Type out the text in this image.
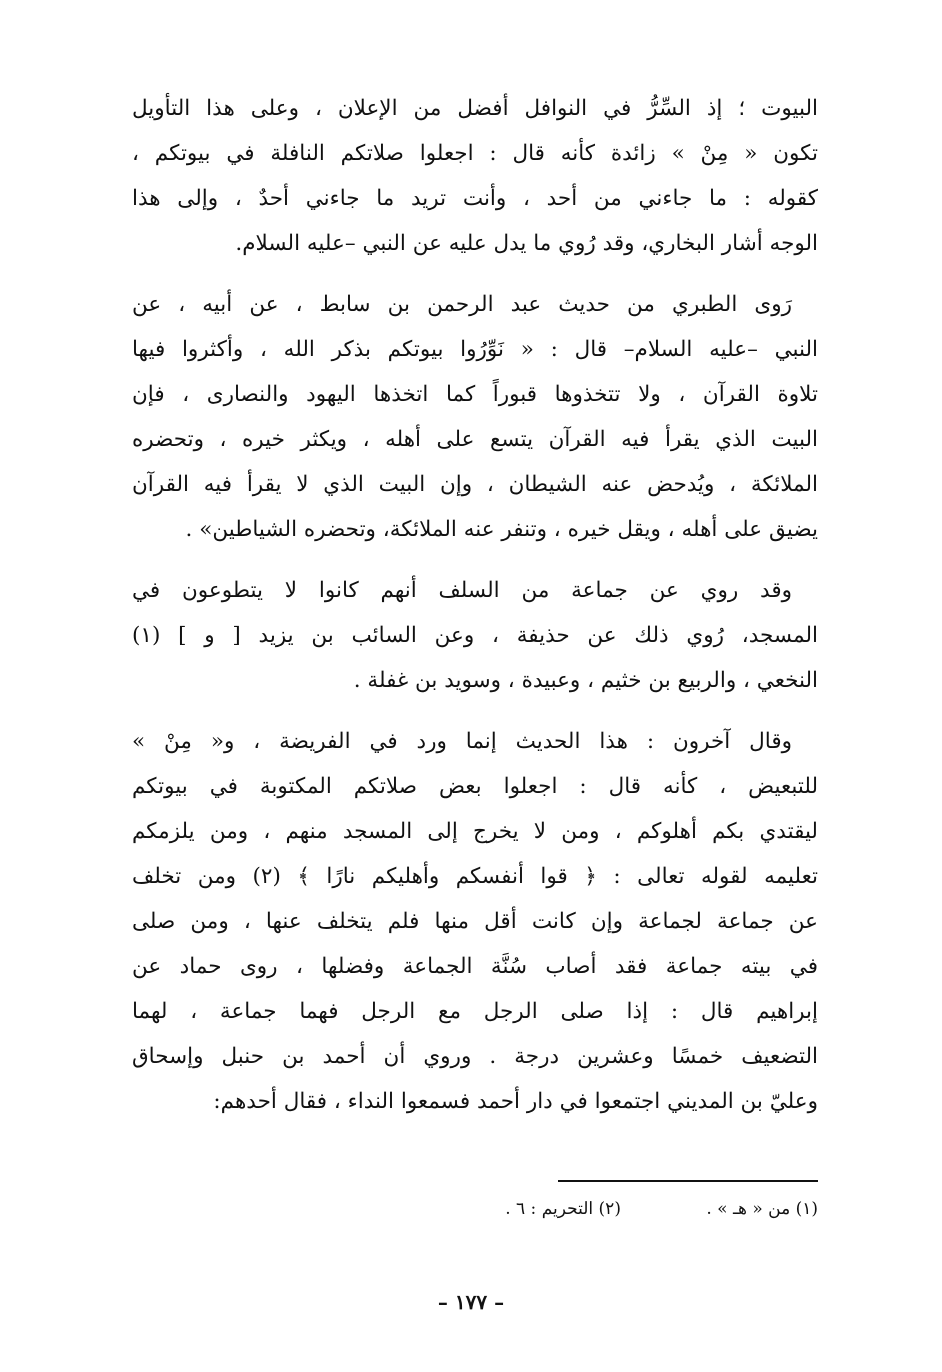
البيوت ؛ إذ السِّرُّ في النوافل أفضل من الإعلان ، وعلى هذا التأويل
تكون « مِنْ » زائدة كأنه قال : اجعلوا صلاتكم النافلة في بيوتكم ،
كقوله : ما جاءني من أحد ، وأنت تريد ما جاءني أحدٌ ، وإلى هذا
الوجه أشار البخاري، وقد رُوي ما يدل عليه عن النبي –عليه السلام.
رَوى الطبري من حديث عبد الرحمن بن سابط ، عن أبيه ، عن
النبي –عليه السلام– قال : « نَوِّرُوا بيوتكم بذكر الله ، وأكثروا فيها
تلاوة القرآن ، ولا تتخذوها قبوراً كما اتخذها اليهود والنصارى ، فإن
البيت الذي يقرأ فيه القرآن يتسع على أهله ، ويكثر خيره ، وتحضره
الملائكة ، ويُدحض عنه الشيطان ، وإن البيت الذي لا يقرأ فيه القرآن
يضيق على أهله ، ويقل خيره ، وتنفر عنه الملائكة، وتحضره الشياطين» .
وقد روي عن جماعة من السلف أنهم كانوا لا يتطوعون في
المسجد، رُوي ذلك عن حذيفة ، وعن السائب بن يزيد [ و ] (١)
النخعي ، والربيع بن خثيم ، وعبيدة ، وسويد بن غفلة .
وقال آخرون : هذا الحديث إنما ورد في الفريضة ، و« مِنْ »
للتبعيض ، كأنه قال : اجعلوا بعض صلاتكم المكتوبة في بيوتكم
ليقتدي بكم أهلوكم ، ومن لا يخرج إلى المسجد منهم ، ومن يلزمكم
تعليمه لقوله تعالى : ﴿ قوا أنفسكم وأهليكم نارًا ﴾ (٢) ومن تخلف
عن جماعة لجماعة وإن كانت أقل منها فلم يتخلف عنها ، ومن صلى
في بيته جماعة فقد أصاب سُنَّة الجماعة وفضلها ، روى حماد عن
إبراهيم قال : إذا صلى الرجل مع الرجل فهما جماعة ، لهما
التضعيف خمسًا وعشرين درجة . وروي أن أحمد بن حنبل وإسحاق
وعليّ بن المديني اجتمعوا في دار أحمد فسمعوا النداء ، فقال أحدهم:
(١) من « هـ » . (٢) التحريم : ٦ .
– ١٧٧ –
